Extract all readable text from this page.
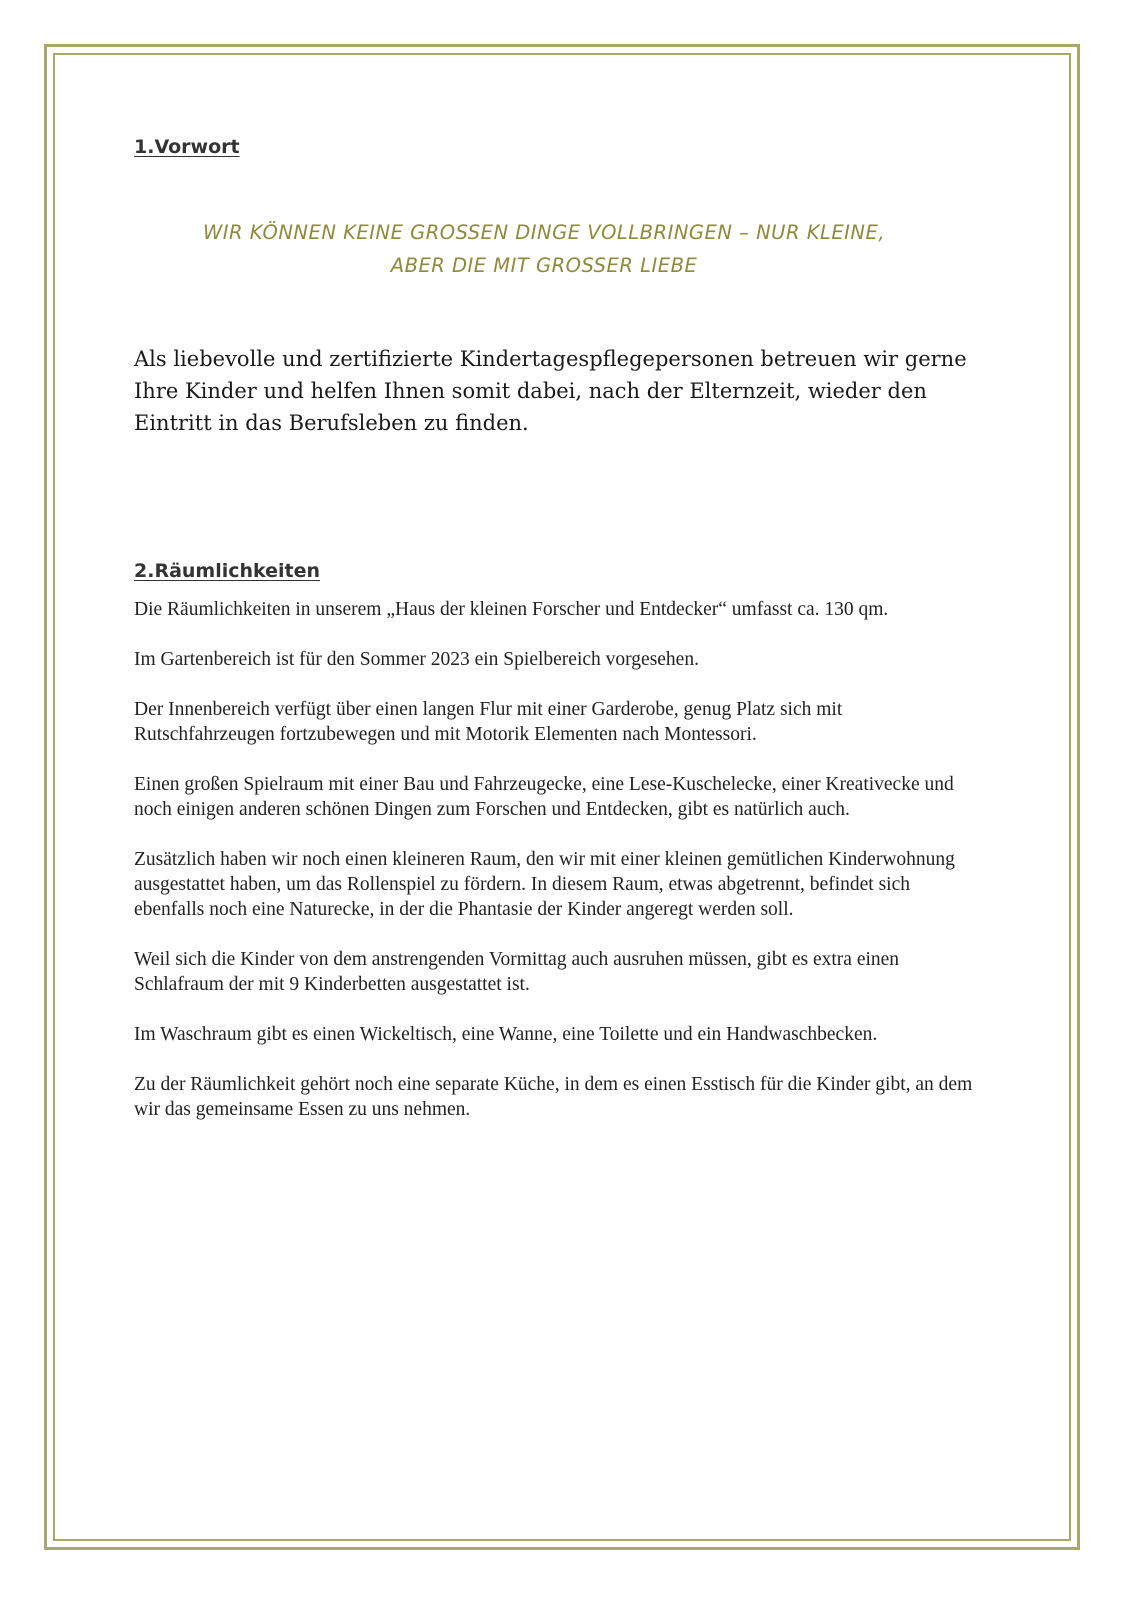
1.Vorwort

WIR KÖNNEN KEINE GROSSEN DINGE VOLLBRINGEN – NUR KLEINE,
ABER DIE MIT GROSSER LIEBE

Als liebevolle und zertifizierte Kindertagespflegepersonen betreuen wir gerne Ihre Kinder und helfen Ihnen somit dabei, nach der Elternzeit, wieder den Eintritt in das Berufsleben zu finden.

2.Räumlichkeiten

Die Räumlichkeiten in unserem „Haus der kleinen Forscher und Entdecker“ umfasst ca. 130 qm.

Im Gartenbereich ist für den Sommer 2023 ein Spielbereich vorgesehen.

Der Innenbereich verfügt über einen langen Flur mit einer Garderobe, genug Platz sich mit Rutschfahrzeugen fortzubewegen und mit Motorik Elementen nach Montessori.

Einen großen Spielraum mit einer Bau und Fahrzeugecke, eine Lese-Kuschelecke, einer Kreativecke und noch einigen anderen schönen Dingen zum Forschen und Entdecken, gibt es natürlich auch.

Zusätzlich haben wir noch einen kleineren Raum, den wir mit einer kleinen gemütlichen Kinderwohnung ausgestattet haben, um das Rollenspiel zu fördern. In diesem Raum, etwas abgetrennt, befindet sich ebenfalls noch eine Naturecke, in der die Phantasie der Kinder angeregt werden soll.

Weil sich die Kinder von dem anstrengenden Vormittag auch ausruhen müssen, gibt es extra einen Schlafraum der mit 9 Kinderbetten ausgestattet ist.

Im Waschraum gibt es einen Wickeltisch, eine Wanne, eine Toilette und ein Handwaschbecken.

Zu der Räumlichkeit gehört noch eine separate Küche, in dem es einen Esstisch für die Kinder gibt, an dem wir das gemeinsame Essen zu uns nehmen.
